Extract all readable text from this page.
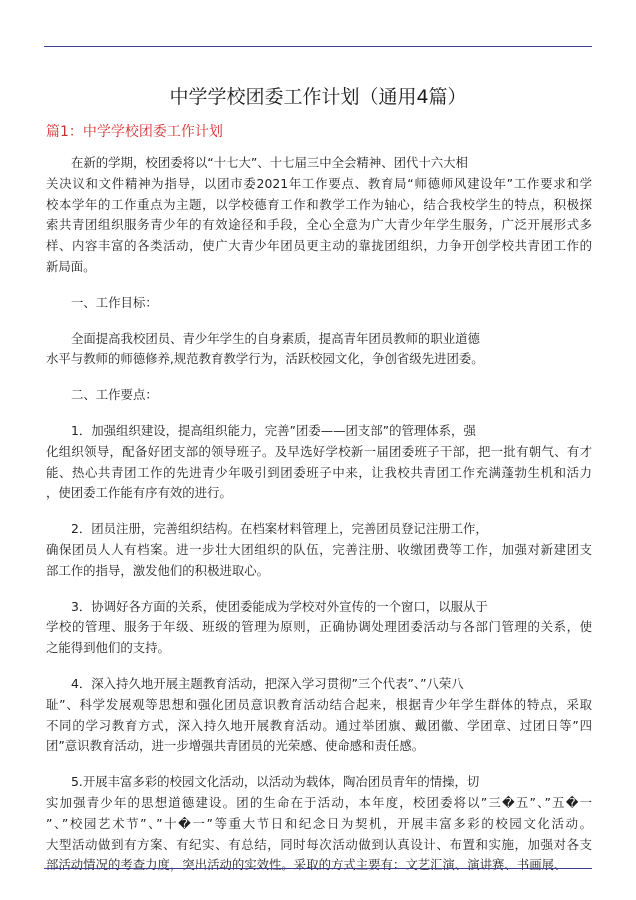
中学学校团委工作计划（通用4篇）
篇1：中学学校团委工作计划
在新的学期，校团委将以“十七大”、十七届三中全会精神、团代十六大相
关决议和文件精神为指导，以团市委2021年工作要点、教育局“师德师风建设年”工作要求和学
校本学年的工作重点为主题，以学校德育工作和教学工作为轴心，结合我校学生的特点，积极探
索共青团组织服务青少年的有效途径和手段，全心全意为广大青少年学生服务，广泛开展形式多
样、内容丰富的各类活动，使广大青少年团员更主动的靠拢团组织，力争开创学校共青团工作的
新局面。
一、工作目标：
全面提高我校团员、青少年学生的自身素质，提高青年团员教师的职业道德
水平与教师的师德修养,规范教育教学行为，活跃校园文化，争创省级先进团委。
二、工作要点：
1．加强组织建设，提高组织能力，完善”团委——团支部”的管理体系，强
化组织领导，配备好团支部的领导班子。及早选好学校新一届团委班子干部，把一批有朝气、有才
能、热心共青团工作的先进青少年吸引到团委班子中来，让我校共青团工作充满蓬勃生机和活力
，使团委工作能有序有效的进行。
2．团员注册，完善组织结构。在档案材料管理上，完善团员登记注册工作，
确保团员人人有档案。进一步壮大团组织的队伍，完善注册、收缴团费等工作，加强对新建团支
部工作的指导，激发他们的积极进取心。
3．协调好各方面的关系，使团委能成为学校对外宣传的一个窗口，以服从于
学校的管理、服务于年级、班级的管理为原则，正确协调处理团委活动与各部门管理的关系，使
之能得到他们的支持。
4．深入持久地开展主题教育活动，把深入学习贯彻”三个代表”、”八荣八
耻”、科学发展观等思想和强化团员意识教育活动结合起来，根据青少年学生群体的特点，采取
不同的学习教育方式，深入持久地开展教育活动。通过举团旗、戴团徽、学团章、过团日等”四
团”意识教育活动，进一步增强共青团员的光荣感、使命感和责任感。
5.开展丰富多彩的校园文化活动，以活动为载体，陶冶团员青年的情操，切
实加强青少年的思想道德建设。团的生命在于活动，本年度，校团委将以”三�五”、”五�一
”、”校园艺术节”、”十�一”等重大节日和纪念日为契机，开展丰富多彩的校园文化活动。
大型活动做到有方案、有纪实、有总结，同时每次活动做到认真设计、布置和实施，加强对各支
部活动情况的考查力度，突出活动的实效性。采取的方式主要有：文艺汇演、演讲赛、书画展、
